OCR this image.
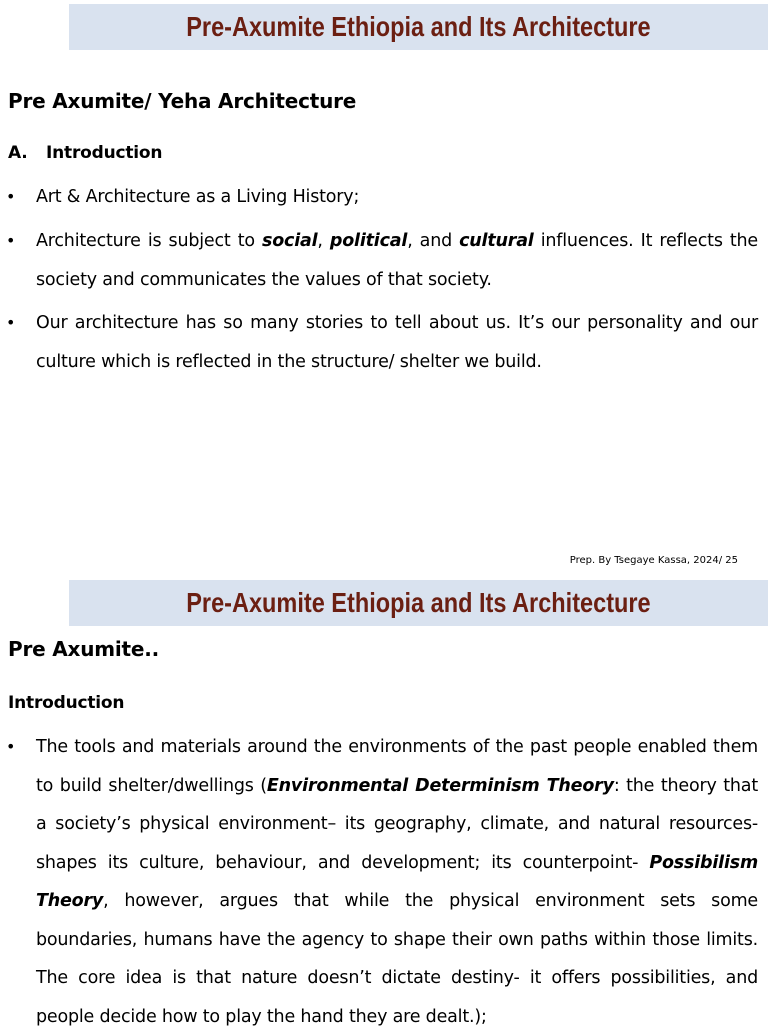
Pre-Axumite Ethiopia and Its Architecture
Pre Axumite/ Yeha Architecture
A. Introduction
• Art & Architecture as a Living History;
• Architecture is subject to social, political, and cultural influences. It reflects the society and communicates the values of that society.
• Our architecture has so many stories to tell about us. It’s our personality and our culture which is reflected in the structure/ shelter we build.
Prep. By Tsegaye Kassa, 2024/ 25
Pre-Axumite Ethiopia and Its Architecture
Pre Axumite..
Introduction
• The tools and materials around the environments of the past people enabled them to build shelter/dwellings (Environmental Determinism Theory: the theory that a society’s physical environment– its geography, climate, and natural resources- shapes its culture, behaviour, and development; its counterpoint- Possibilism Theory, however, argues that while the physical environment sets some boundaries, humans have the agency to shape their own paths within those limits. The core idea is that nature doesn’t dictate destiny- it offers possibilities, and people decide how to play the hand they are dealt.);
